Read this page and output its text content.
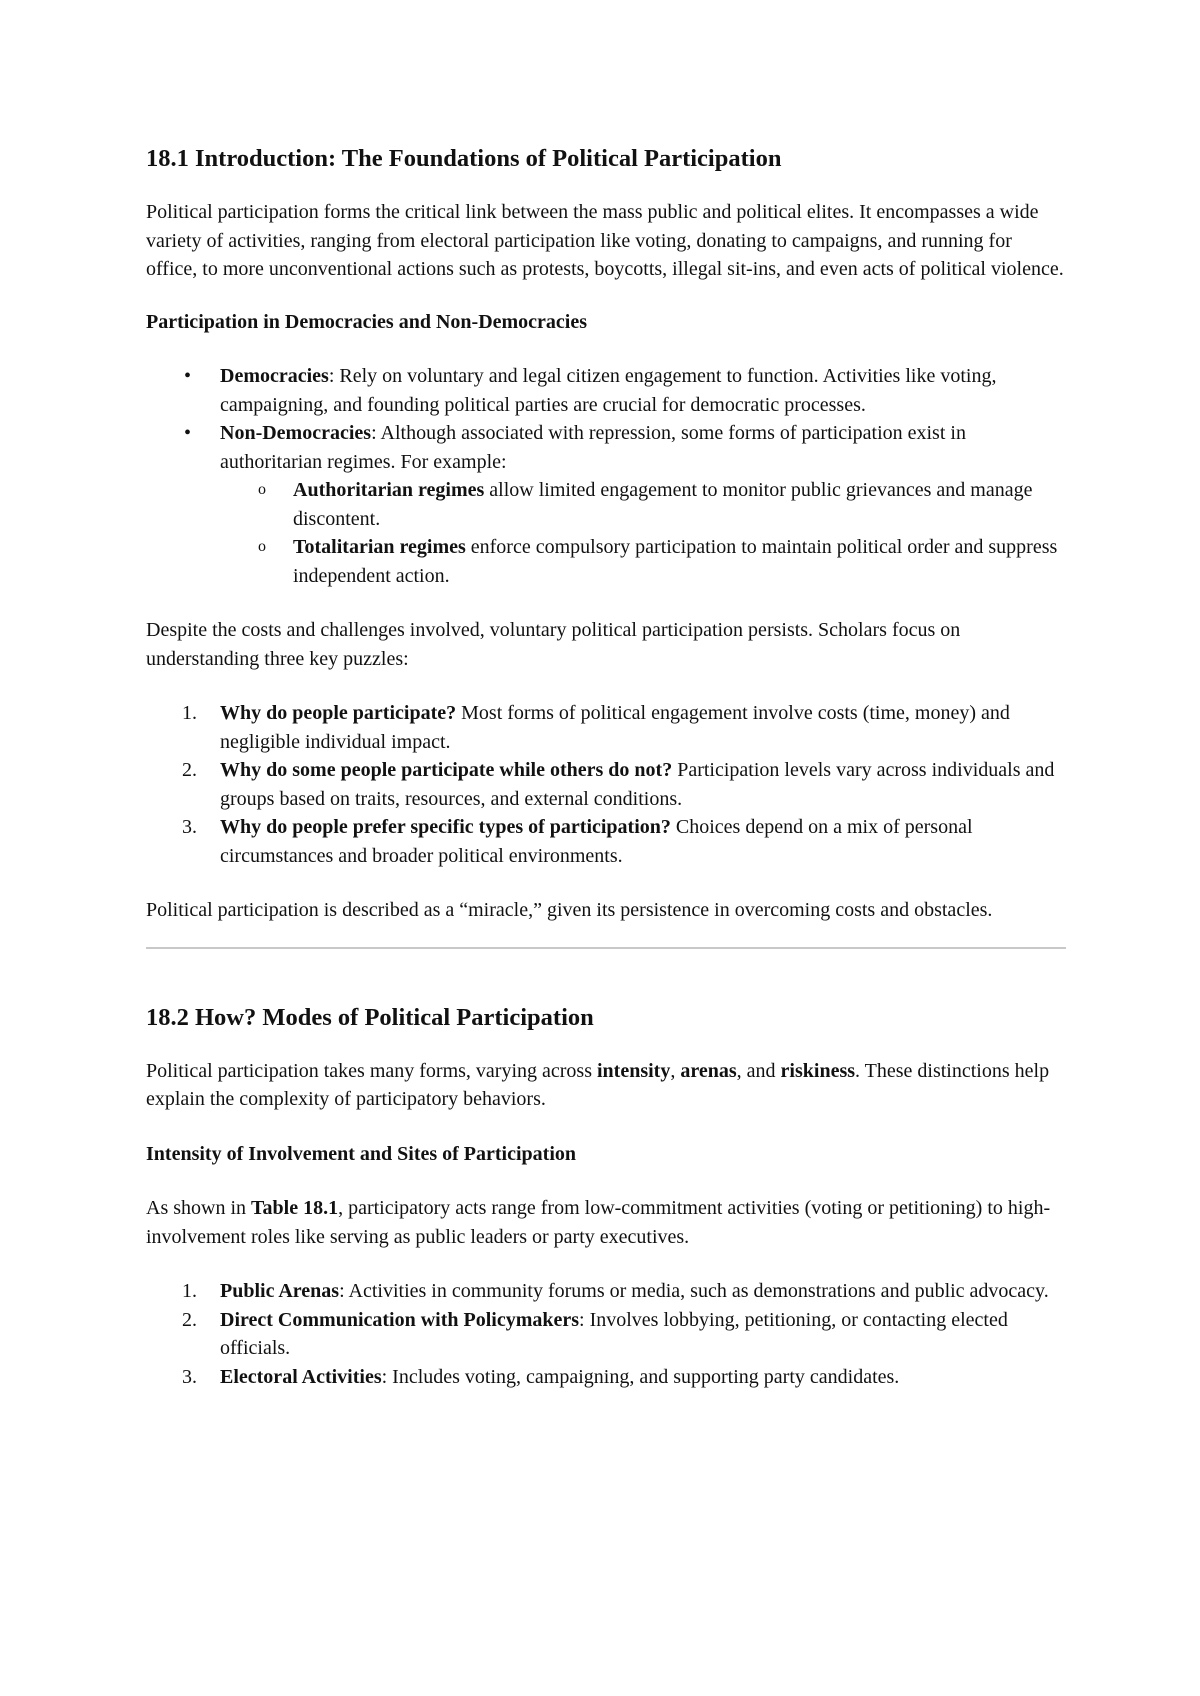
18.1 Introduction: The Foundations of Political Participation

Political participation forms the critical link between the mass public and political elites. It encompasses a wide variety of activities, ranging from electoral participation like voting, donating to campaigns, and running for office, to more unconventional actions such as protests, boycotts, illegal sit-ins, and even acts of political violence.

Participation in Democracies and Non-Democracies

• Democracies: Rely on voluntary and legal citizen engagement to function. Activities like voting, campaigning, and founding political parties are crucial for democratic processes.
• Non-Democracies: Although associated with repression, some forms of participation exist in authoritarian regimes. For example:
o Authoritarian regimes allow limited engagement to monitor public grievances and manage discontent.
o Totalitarian regimes enforce compulsory participation to maintain political order and suppress independent action.

Despite the costs and challenges involved, voluntary political participation persists. Scholars focus on understanding three key puzzles:

1. Why do people participate? Most forms of political engagement involve costs (time, money) and negligible individual impact.
2. Why do some people participate while others do not? Participation levels vary across individuals and groups based on traits, resources, and external conditions.
3. Why do people prefer specific types of participation? Choices depend on a mix of personal circumstances and broader political environments.

Political participation is described as a “miracle,” given its persistence in overcoming costs and obstacles.

18.2 How? Modes of Political Participation

Political participation takes many forms, varying across intensity, arenas, and riskiness. These distinctions help explain the complexity of participatory behaviors.

Intensity of Involvement and Sites of Participation

As shown in Table 18.1, participatory acts range from low-commitment activities (voting or petitioning) to high-involvement roles like serving as public leaders or party executives.

1. Public Arenas: Activities in community forums or media, such as demonstrations and public advocacy.
2. Direct Communication with Policymakers: Involves lobbying, petitioning, or contacting elected officials.
3. Electoral Activities: Includes voting, campaigning, and supporting party candidates.
